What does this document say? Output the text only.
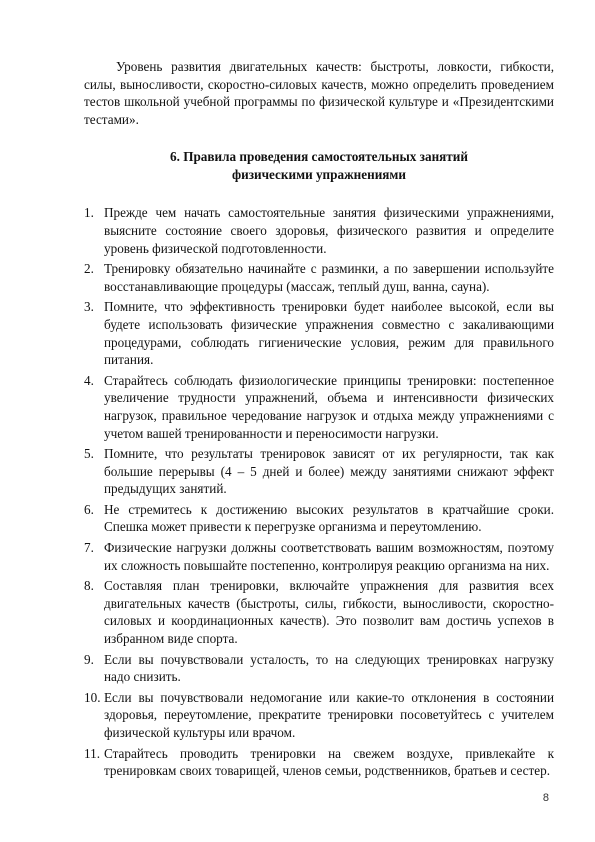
Уровень развития двигательных качеств: быстроты, ловкости, гибкости, силы, выносливости, скоростно-силовых качеств, можно определить проведением тестов школьной учебной программы по физической культуре и «Президентскими тестами».

6. Правила проведения самостоятельных занятий
физическими упражнениями
1. Прежде чем начать самостоятельные занятия физическими упражнениями, выясните состояние своего здоровья, физического развития и определите уровень физической подготовленности.
2. Тренировку обязательно начинайте с разминки, а по завершении используйте восстанавливающие процедуры (массаж, теплый душ, ванна, сауна).
3. Помните, что эффективность тренировки будет наиболее высокой, если вы будете использовать физические упражнения совместно с закаливающими процедурами, соблюдать гигиенические условия, режим для правильного питания.
4. Старайтесь соблюдать физиологические принципы тренировки: постепенное увеличение трудности упражнений, объема и интенсивности физических нагрузок, правильное чередование нагрузок и отдыха между упражнениями с учетом вашей тренированности и переносимости нагрузки.
5. Помните, что результаты тренировок зависят от их регулярности, так как большие перерывы (4 – 5 дней и более) между занятиями снижают эффект предыдущих занятий.
6. Не стремитесь к достижению высоких результатов в кратчайшие сроки. Спешка может привести к перегрузке организма и переутомлению.
7. Физические нагрузки должны соответствовать вашим возможностям, поэтому их сложность повышайте постепенно, контролируя реакцию организма на них.
8. Составляя план тренировки, включайте упражнения для развития всех двигательных качеств (быстроты, силы, гибкости, выносливости, скоростно-силовых и координационных качеств). Это позволит вам достичь успехов в избранном виде спорта.
9. Если вы почувствовали усталость, то на следующих тренировках нагрузку надо снизить.
10. Если вы почувствовали недомогание или какие-то отклонения в состоянии здоровья, переутомление, прекратите тренировки посоветуйтесь с учителем физической культуры или врачом.
11. Старайтесь проводить тренировки на свежем воздухе, привлекайте к тренировкам своих товарищей, членов семьи, родственников, братьев и сестер.
8
